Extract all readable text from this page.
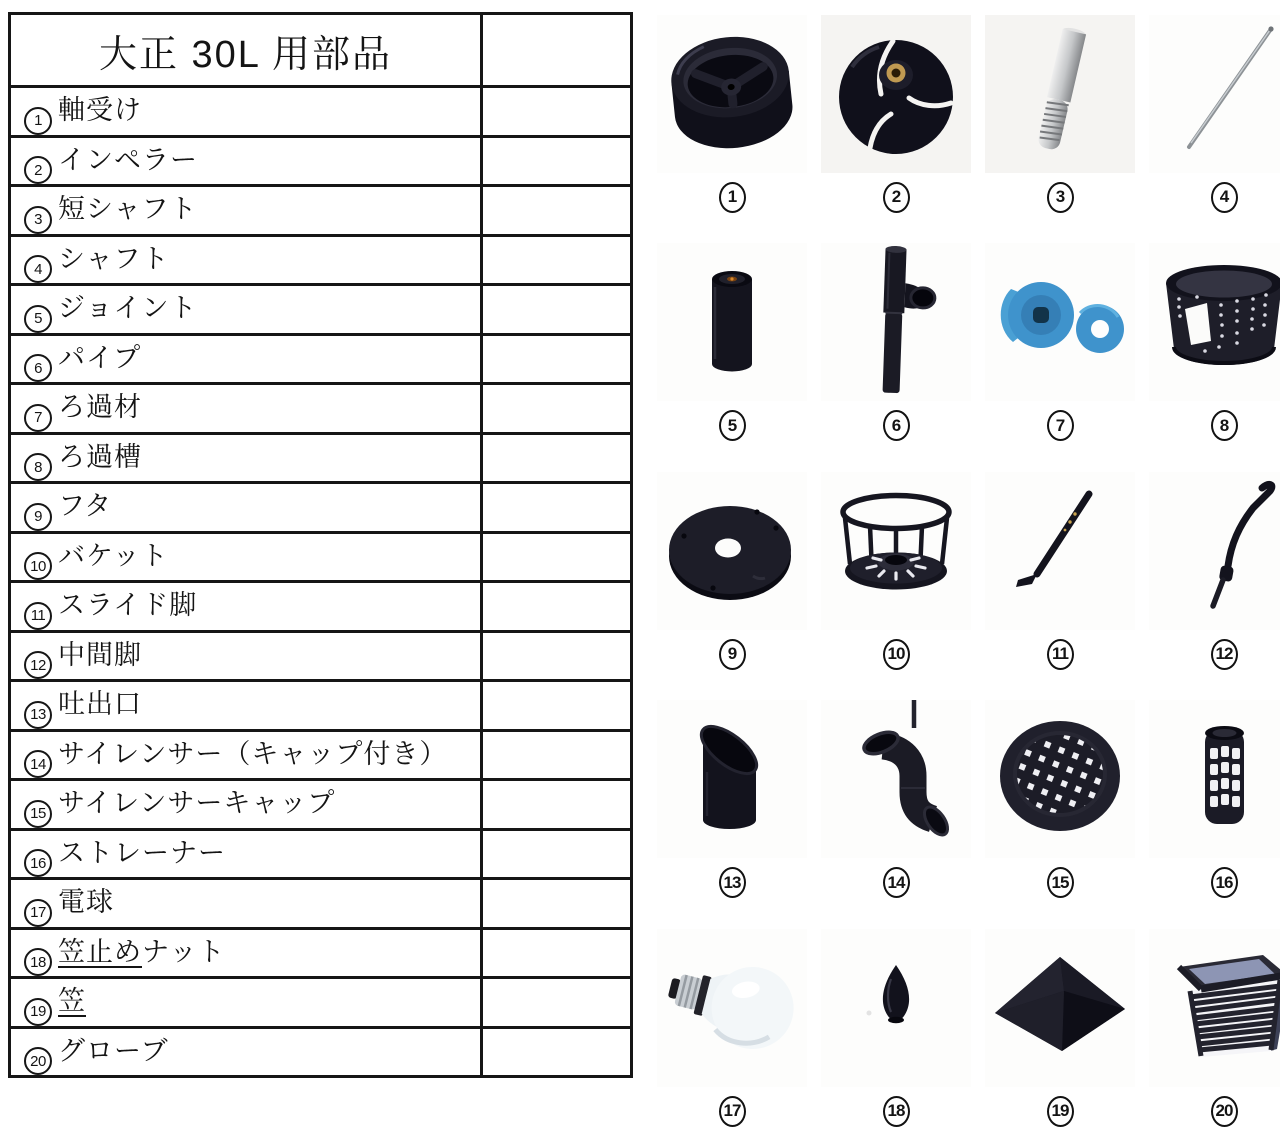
大正 30L 用部品	
1 軸受け	
2 インペラー	
3 短シャフト	
4 シャフト	
5 ジョイント	
6 パイプ	
7 ろ過材	
8 ろ過槽	
9 フタ	
10 バケット	
11 スライド脚	
12 中間脚	
13 吐出口	
14 サイレンサー（キャップ付き）	
15 サイレンサーキャップ	
16 ストレーナー	
17 電球	
18 笠止めナット	
19 笠	
20 グローブ	
1	2	3	4
5	6	7	8
9	10	11	12
13	14	15	16
17	18	19	20
